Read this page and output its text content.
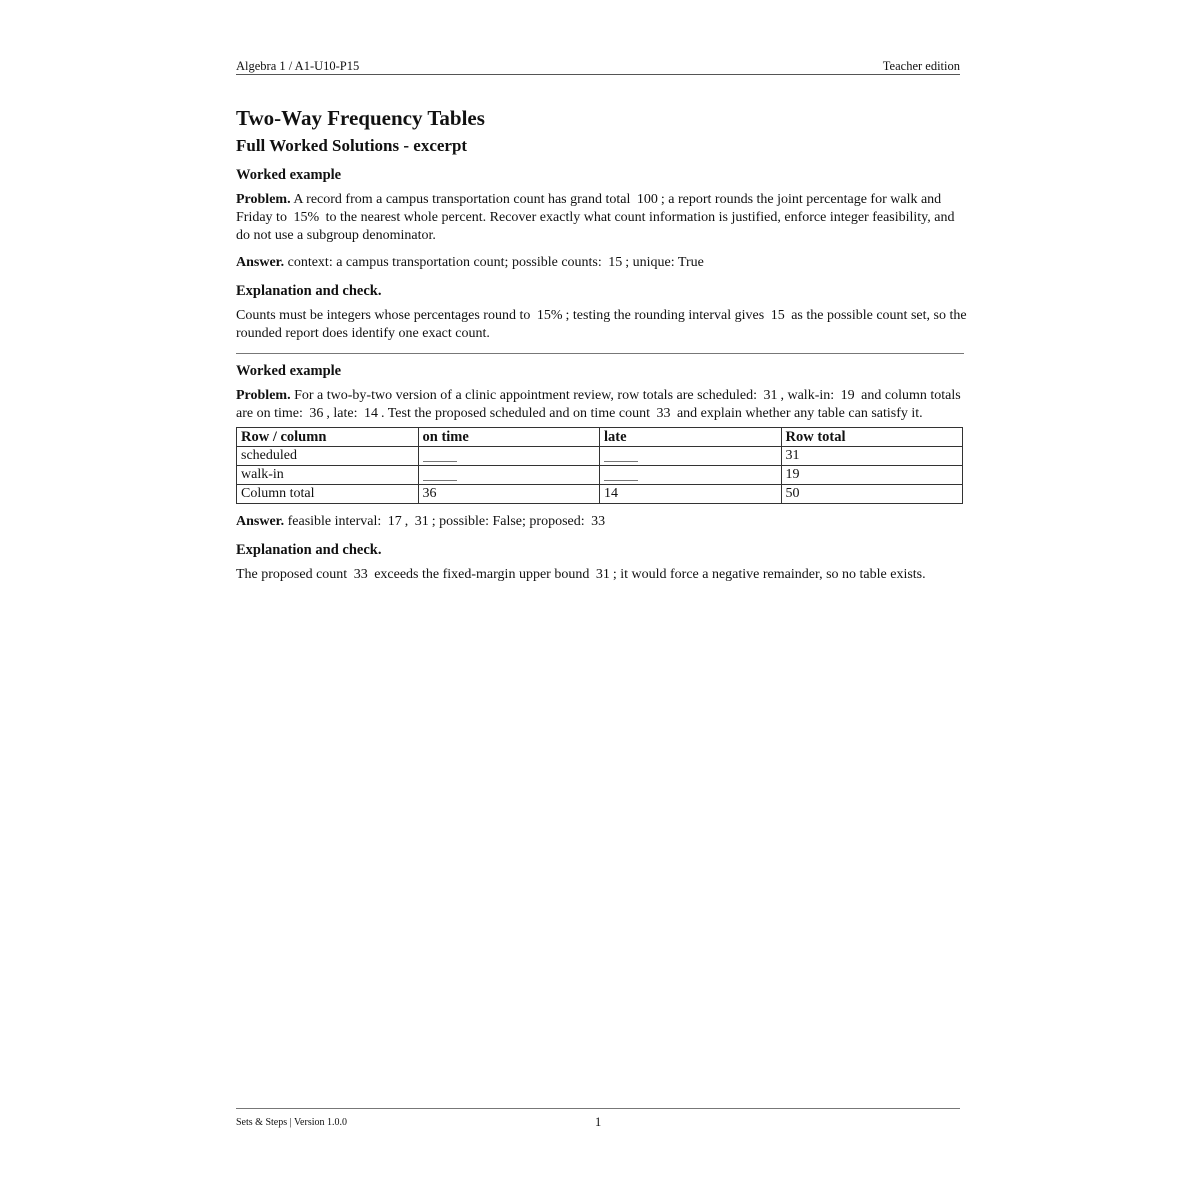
Algebra 1 / A1-U10-P15	Teacher edition
Two-Way Frequency Tables
Full Worked Solutions - excerpt
Worked example

Problem. A record from a campus transportation count has grand total 100 ; a report rounds the joint percentage for walk and Friday to 15% to the nearest whole percent. Recover exactly what count information is justified, enforce integer feasibility, and do not use a subgroup denominator.

Answer. context: a campus transportation count; possible counts: 15 ; unique: True

Explanation and check.

Counts must be integers whose percentages round to 15% ; testing the rounding interval gives 15 as the possible count set, so the rounded report does identify one exact count.

Worked example

Problem. For a two-by-two version of a clinic appointment review, row totals are scheduled: 31 , walk-in: 19 and column totals are on time: 36 , late: 14 . Test the proposed scheduled and on time count 33 and explain whether any table can satisfy it.

Row / column	on time	late	Row total
scheduled			31
walk-in			19
Column total	36	14	50

Answer. feasible interval: 17 , 31 ; possible: False; proposed: 33

Explanation and check.

The proposed count 33 exceeds the fixed-margin upper bound 31 ; it would force a negative remainder, so no table exists.

Sets & Steps | Version 1.0.0	1
